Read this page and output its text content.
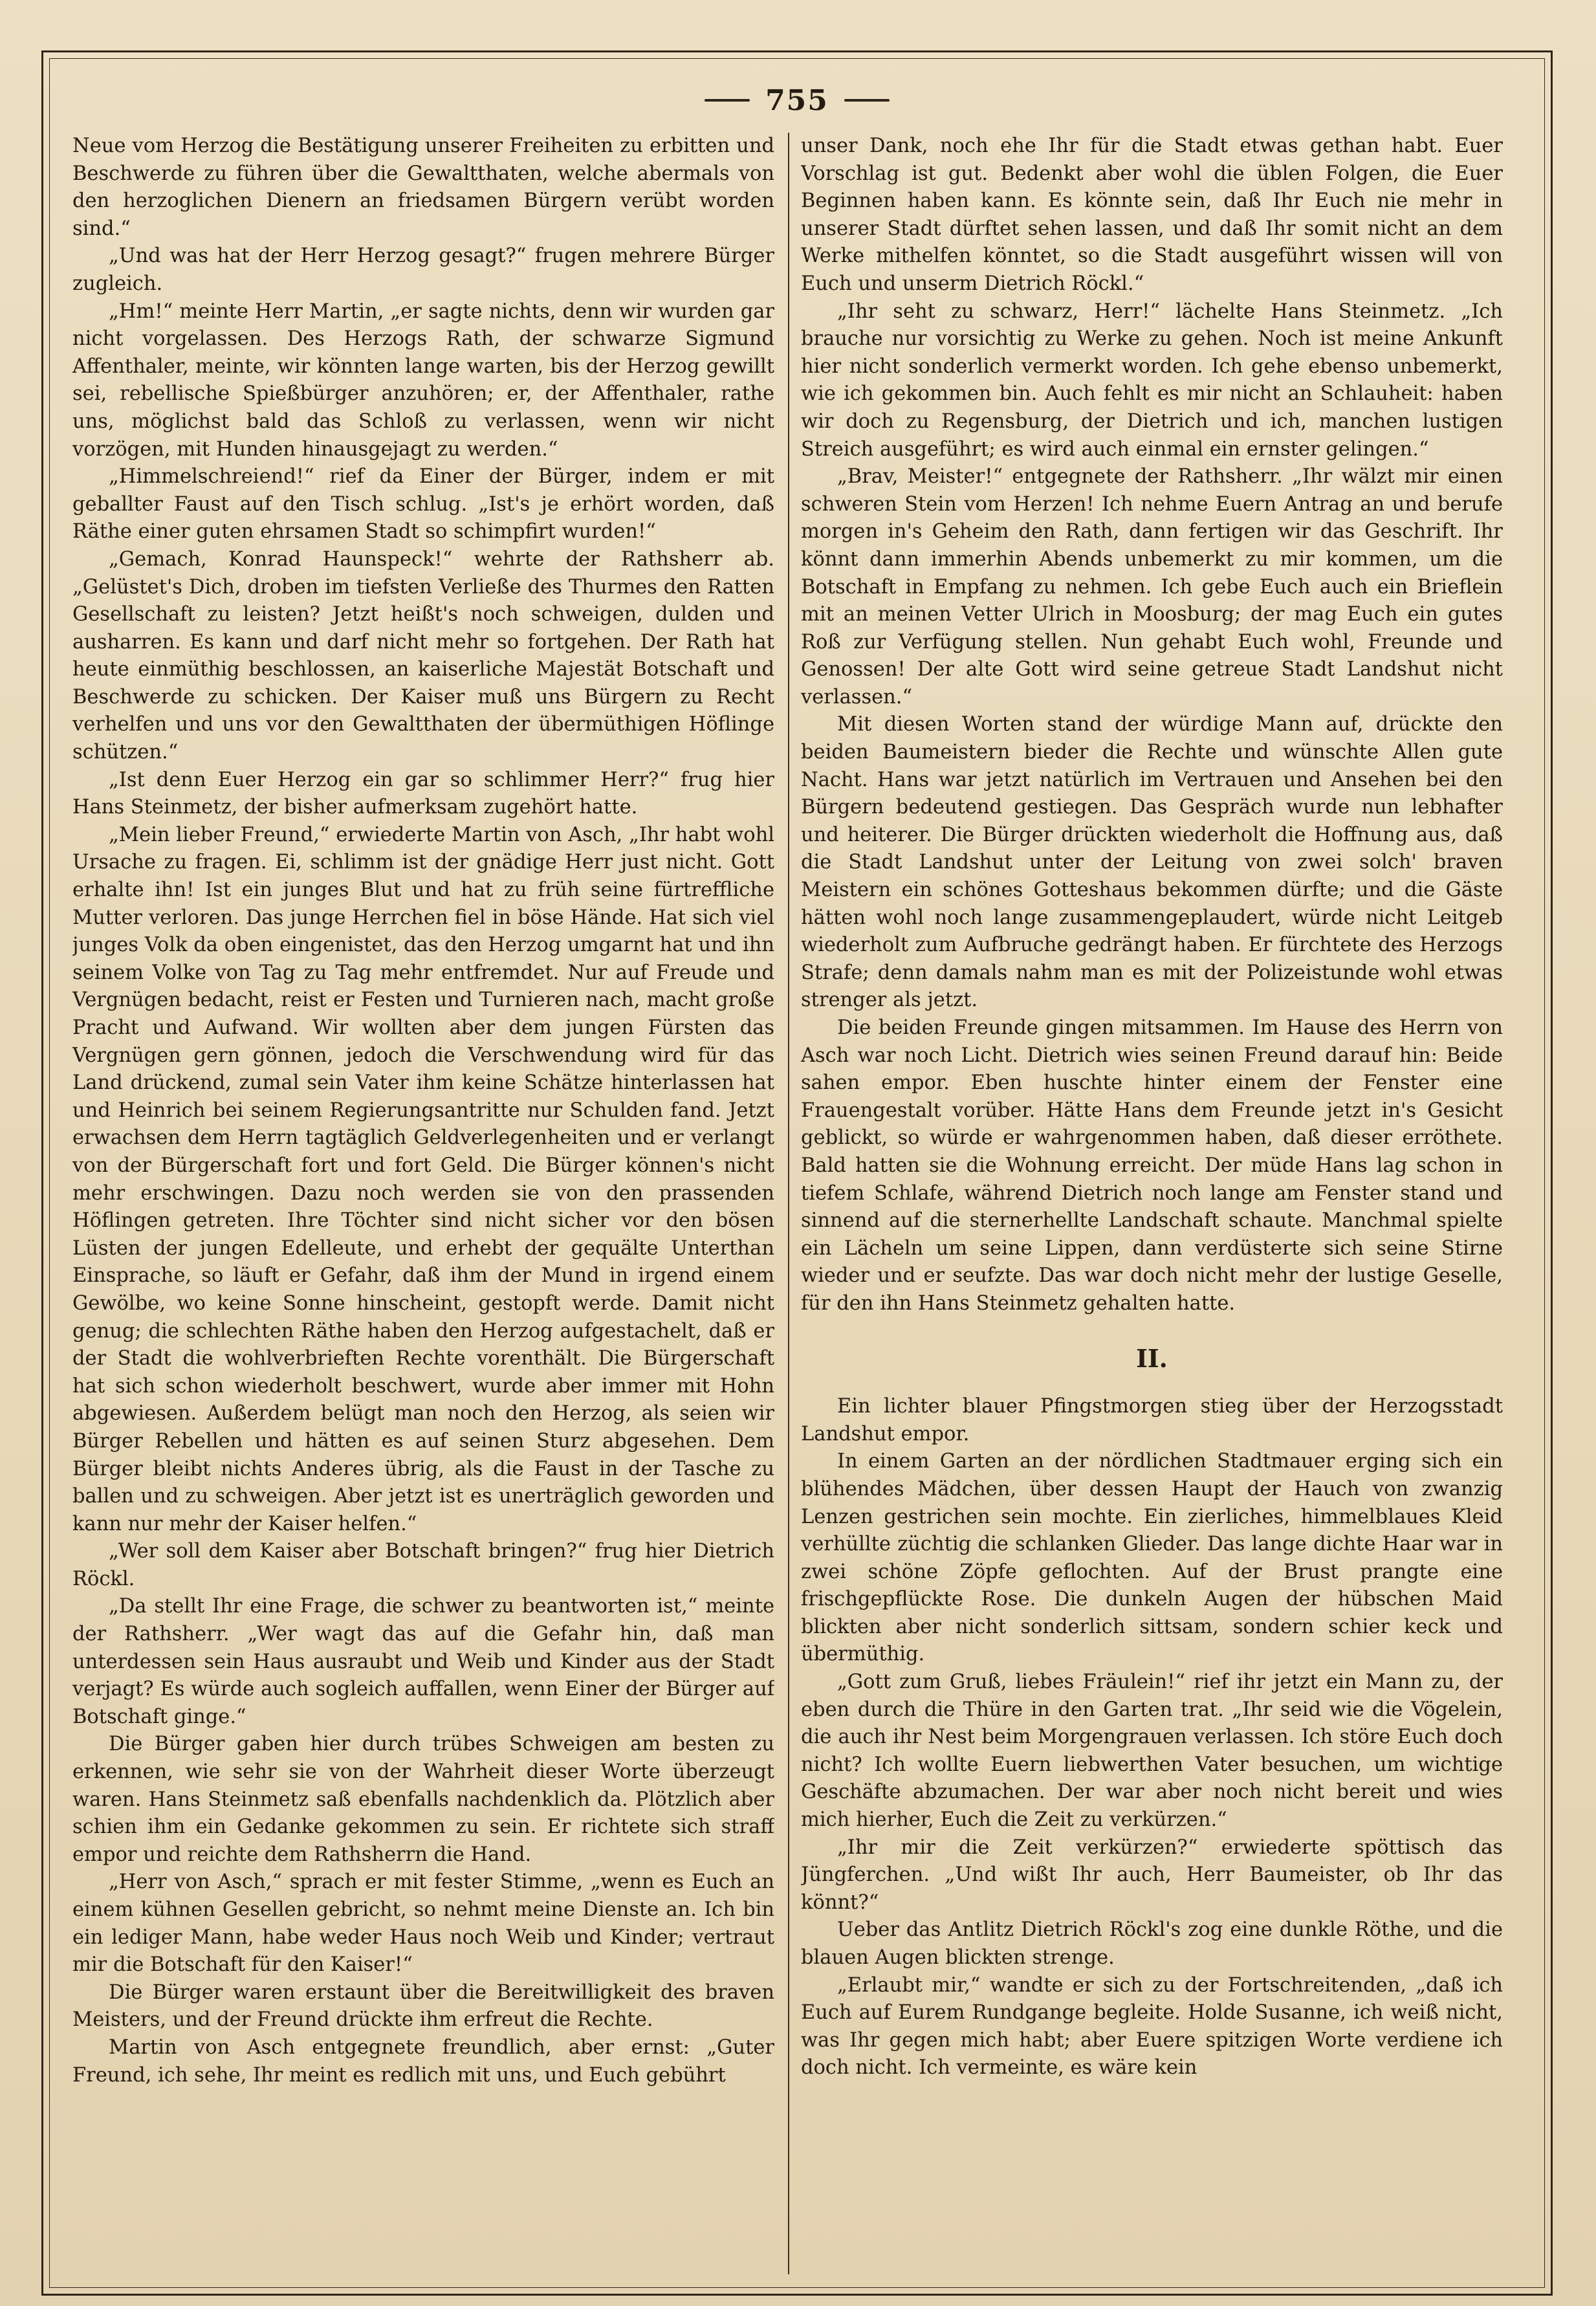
755

Neue vom Herzog die Bestätigung unserer Freiheiten zu erbitten und Beschwerde zu führen über die Gewaltthaten, welche abermals von den herzoglichen Dienern an friedsamen Bürgern verübt worden sind.“

„Und was hat der Herr Herzog gesagt?“ frugen mehrere Bürger zugleich.

„Hm!“ meinte Herr Martin, „er sagte nichts, denn wir wurden gar nicht vorgelassen. Des Herzogs Rath, der schwarze Sigmund Affenthaler, meinte, wir könnten lange warten, bis der Herzog gewillt sei, rebellische Spießbürger anzuhören; er, der Affenthaler, rathe uns, möglichst bald das Schloß zu verlassen, wenn wir nicht vorzögen, mit Hunden hinausgejagt zu werden.“

„Himmelschreiend!“ rief da Einer der Bürger, indem er mit geballter Faust auf den Tisch schlug. „Ist's je erhört worden, daß Räthe einer guten ehrsamen Stadt so schimpfirt wurden!“

„Gemach, Konrad Haunspeck!“ wehrte der Rathsherr ab. „Gelüstet's Dich, droben im tiefsten Verließe des Thurmes den Ratten Gesellschaft zu leisten? Jetzt heißt's noch schweigen, dulden und ausharren. Es kann und darf nicht mehr so fortgehen. Der Rath hat heute einmüthig beschlossen, an kaiserliche Majestät Botschaft und Beschwerde zu schicken. Der Kaiser muß uns Bürgern zu Recht verhelfen und uns vor den Gewaltthaten der übermüthigen Höflinge schützen.“

„Ist denn Euer Herzog ein gar so schlimmer Herr?“ frug hier Hans Steinmetz, der bisher aufmerksam zugehört hatte.

„Mein lieber Freund,“ erwiederte Martin von Asch, „Ihr habt wohl Ursache zu fragen. Ei, schlimm ist der gnädige Herr just nicht. Gott erhalte ihn! Ist ein junges Blut und hat zu früh seine fürtreffliche Mutter verloren. Das junge Herrchen fiel in böse Hände. Hat sich viel junges Volk da oben eingenistet, das den Herzog umgarnt hat und ihn seinem Volke von Tag zu Tag mehr entfremdet. Nur auf Freude und Vergnügen bedacht, reist er Festen und Turnieren nach, macht große Pracht und Aufwand. Wir wollten aber dem jungen Fürsten das Vergnügen gern gönnen, jedoch die Verschwendung wird für das Land drückend, zumal sein Vater ihm keine Schätze hinterlassen hat und Heinrich bei seinem Regierungsantritte nur Schulden fand. Jetzt erwachsen dem Herrn tagtäglich Geldverlegenheiten und er verlangt von der Bürgerschaft fort und fort Geld. Die Bürger können's nicht mehr erschwingen. Dazu noch werden sie von den prassenden Höflingen getreten. Ihre Töchter sind nicht sicher vor den bösen Lüsten der jungen Edelleute, und erhebt der gequälte Unterthan Einsprache, so läuft er Gefahr, daß ihm der Mund in irgend einem Gewölbe, wo keine Sonne hinscheint, gestopft werde. Damit nicht genug; die schlechten Räthe haben den Herzog aufgestachelt, daß er der Stadt die wohlverbrieften Rechte vorenthält. Die Bürgerschaft hat sich schon wiederholt beschwert, wurde aber immer mit Hohn abgewiesen. Außerdem belügt man noch den Herzog, als seien wir Bürger Rebellen und hätten es auf seinen Sturz abgesehen. Dem Bürger bleibt nichts Anderes übrig, als die Faust in der Tasche zu ballen und zu schweigen. Aber jetzt ist es unerträglich geworden und kann nur mehr der Kaiser helfen.“

„Wer soll dem Kaiser aber Botschaft bringen?“ frug hier Dietrich Röckl.

„Da stellt Ihr eine Frage, die schwer zu beantworten ist,“ meinte der Rathsherr. „Wer wagt das auf die Gefahr hin, daß man unterdessen sein Haus ausraubt und Weib und Kinder aus der Stadt verjagt? Es würde auch sogleich auffallen, wenn Einer der Bürger auf Botschaft ginge.“

Die Bürger gaben hier durch trübes Schweigen am besten zu erkennen, wie sehr sie von der Wahrheit dieser Worte überzeugt waren. Hans Steinmetz saß ebenfalls nachdenklich da. Plötzlich aber schien ihm ein Gedanke gekommen zu sein. Er richtete sich straff empor und reichte dem Rathsherrn die Hand.

„Herr von Asch,“ sprach er mit fester Stimme, „wenn es Euch an einem kühnen Gesellen gebricht, so nehmt meine Dienste an. Ich bin ein lediger Mann, habe weder Haus noch Weib und Kinder; vertraut mir die Botschaft für den Kaiser!“

Die Bürger waren erstaunt über die Bereitwilligkeit des braven Meisters, und der Freund drückte ihm erfreut die Rechte.

Martin von Asch entgegnete freundlich, aber ernst: „Guter Freund, ich sehe, Ihr meint es redlich mit uns, und Euch gebührt

unser Dank, noch ehe Ihr für die Stadt etwas gethan habt. Euer Vorschlag ist gut. Bedenkt aber wohl die üblen Folgen, die Euer Beginnen haben kann. Es könnte sein, daß Ihr Euch nie mehr in unserer Stadt dürftet sehen lassen, und daß Ihr somit nicht an dem Werke mithelfen könntet, so die Stadt ausgeführt wissen will von Euch und unserm Dietrich Röckl.“

„Ihr seht zu schwarz, Herr!“ lächelte Hans Steinmetz. „Ich brauche nur vorsichtig zu Werke zu gehen. Noch ist meine Ankunft hier nicht sonderlich vermerkt worden. Ich gehe ebenso unbemerkt, wie ich gekommen bin. Auch fehlt es mir nicht an Schlauheit: haben wir doch zu Regensburg, der Dietrich und ich, manchen lustigen Streich ausgeführt; es wird auch einmal ein ernster gelingen.“

„Brav, Meister!“ entgegnete der Rathsherr. „Ihr wälzt mir einen schweren Stein vom Herzen! Ich nehme Euern Antrag an und berufe morgen in's Geheim den Rath, dann fertigen wir das Geschrift. Ihr könnt dann immerhin Abends unbemerkt zu mir kommen, um die Botschaft in Empfang zu nehmen. Ich gebe Euch auch ein Brieflein mit an meinen Vetter Ulrich in Moosburg; der mag Euch ein gutes Roß zur Verfügung stellen. Nun gehabt Euch wohl, Freunde und Genossen! Der alte Gott wird seine getreue Stadt Landshut nicht verlassen.“

Mit diesen Worten stand der würdige Mann auf, drückte den beiden Baumeistern bieder die Rechte und wünschte Allen gute Nacht. Hans war jetzt natürlich im Vertrauen und Ansehen bei den Bürgern bedeutend gestiegen. Das Gespräch wurde nun lebhafter und heiterer. Die Bürger drückten wiederholt die Hoffnung aus, daß die Stadt Landshut unter der Leitung von zwei solch' braven Meistern ein schönes Gotteshaus bekommen dürfte; und die Gäste hätten wohl noch lange zusammengeplaudert, würde nicht Leitgeb wiederholt zum Aufbruche gedrängt haben. Er fürchtete des Herzogs Strafe; denn damals nahm man es mit der Polizeistunde wohl etwas strenger als jetzt.

Die beiden Freunde gingen mitsammen. Im Hause des Herrn von Asch war noch Licht. Dietrich wies seinen Freund darauf hin: Beide sahen empor. Eben huschte hinter einem der Fenster eine Frauengestalt vorüber. Hätte Hans dem Freunde jetzt in's Gesicht geblickt, so würde er wahrgenommen haben, daß dieser erröthete. Bald hatten sie die Wohnung erreicht. Der müde Hans lag schon in tiefem Schlafe, während Dietrich noch lange am Fenster stand und sinnend auf die sternerhellte Landschaft schaute. Manchmal spielte ein Lächeln um seine Lippen, dann verdüsterte sich seine Stirne wieder und er seufzte. Das war doch nicht mehr der lustige Geselle, für den ihn Hans Steinmetz gehalten hatte.

II.

Ein lichter blauer Pfingstmorgen stieg über der Herzogsstadt Landshut empor.

In einem Garten an der nördlichen Stadtmauer erging sich ein blühendes Mädchen, über dessen Haupt der Hauch von zwanzig Lenzen gestrichen sein mochte. Ein zierliches, himmelblaues Kleid verhüllte züchtig die schlanken Glieder. Das lange dichte Haar war in zwei schöne Zöpfe geflochten. Auf der Brust prangte eine frischgepflückte Rose. Die dunkeln Augen der hübschen Maid blickten aber nicht sonderlich sittsam, sondern schier keck und übermüthig.

„Gott zum Gruß, liebes Fräulein!“ rief ihr jetzt ein Mann zu, der eben durch die Thüre in den Garten trat. „Ihr seid wie die Vögelein, die auch ihr Nest beim Morgengrauen verlassen. Ich störe Euch doch nicht? Ich wollte Euern liebwerthen Vater besuchen, um wichtige Geschäfte abzumachen. Der war aber noch nicht bereit und wies mich hierher, Euch die Zeit zu verkürzen.“

„Ihr mir die Zeit verkürzen?“ erwiederte spöttisch das Jüngferchen. „Und wißt Ihr auch, Herr Baumeister, ob Ihr das könnt?“

Ueber das Antlitz Dietrich Röckl's zog eine dunkle Röthe, und die blauen Augen blickten strenge.

„Erlaubt mir,“ wandte er sich zu der Fortschreitenden, „daß ich Euch auf Eurem Rundgange begleite. Holde Susanne, ich weiß nicht, was Ihr gegen mich habt; aber Euere spitzigen Worte verdiene ich doch nicht. Ich vermeinte, es wäre kein
